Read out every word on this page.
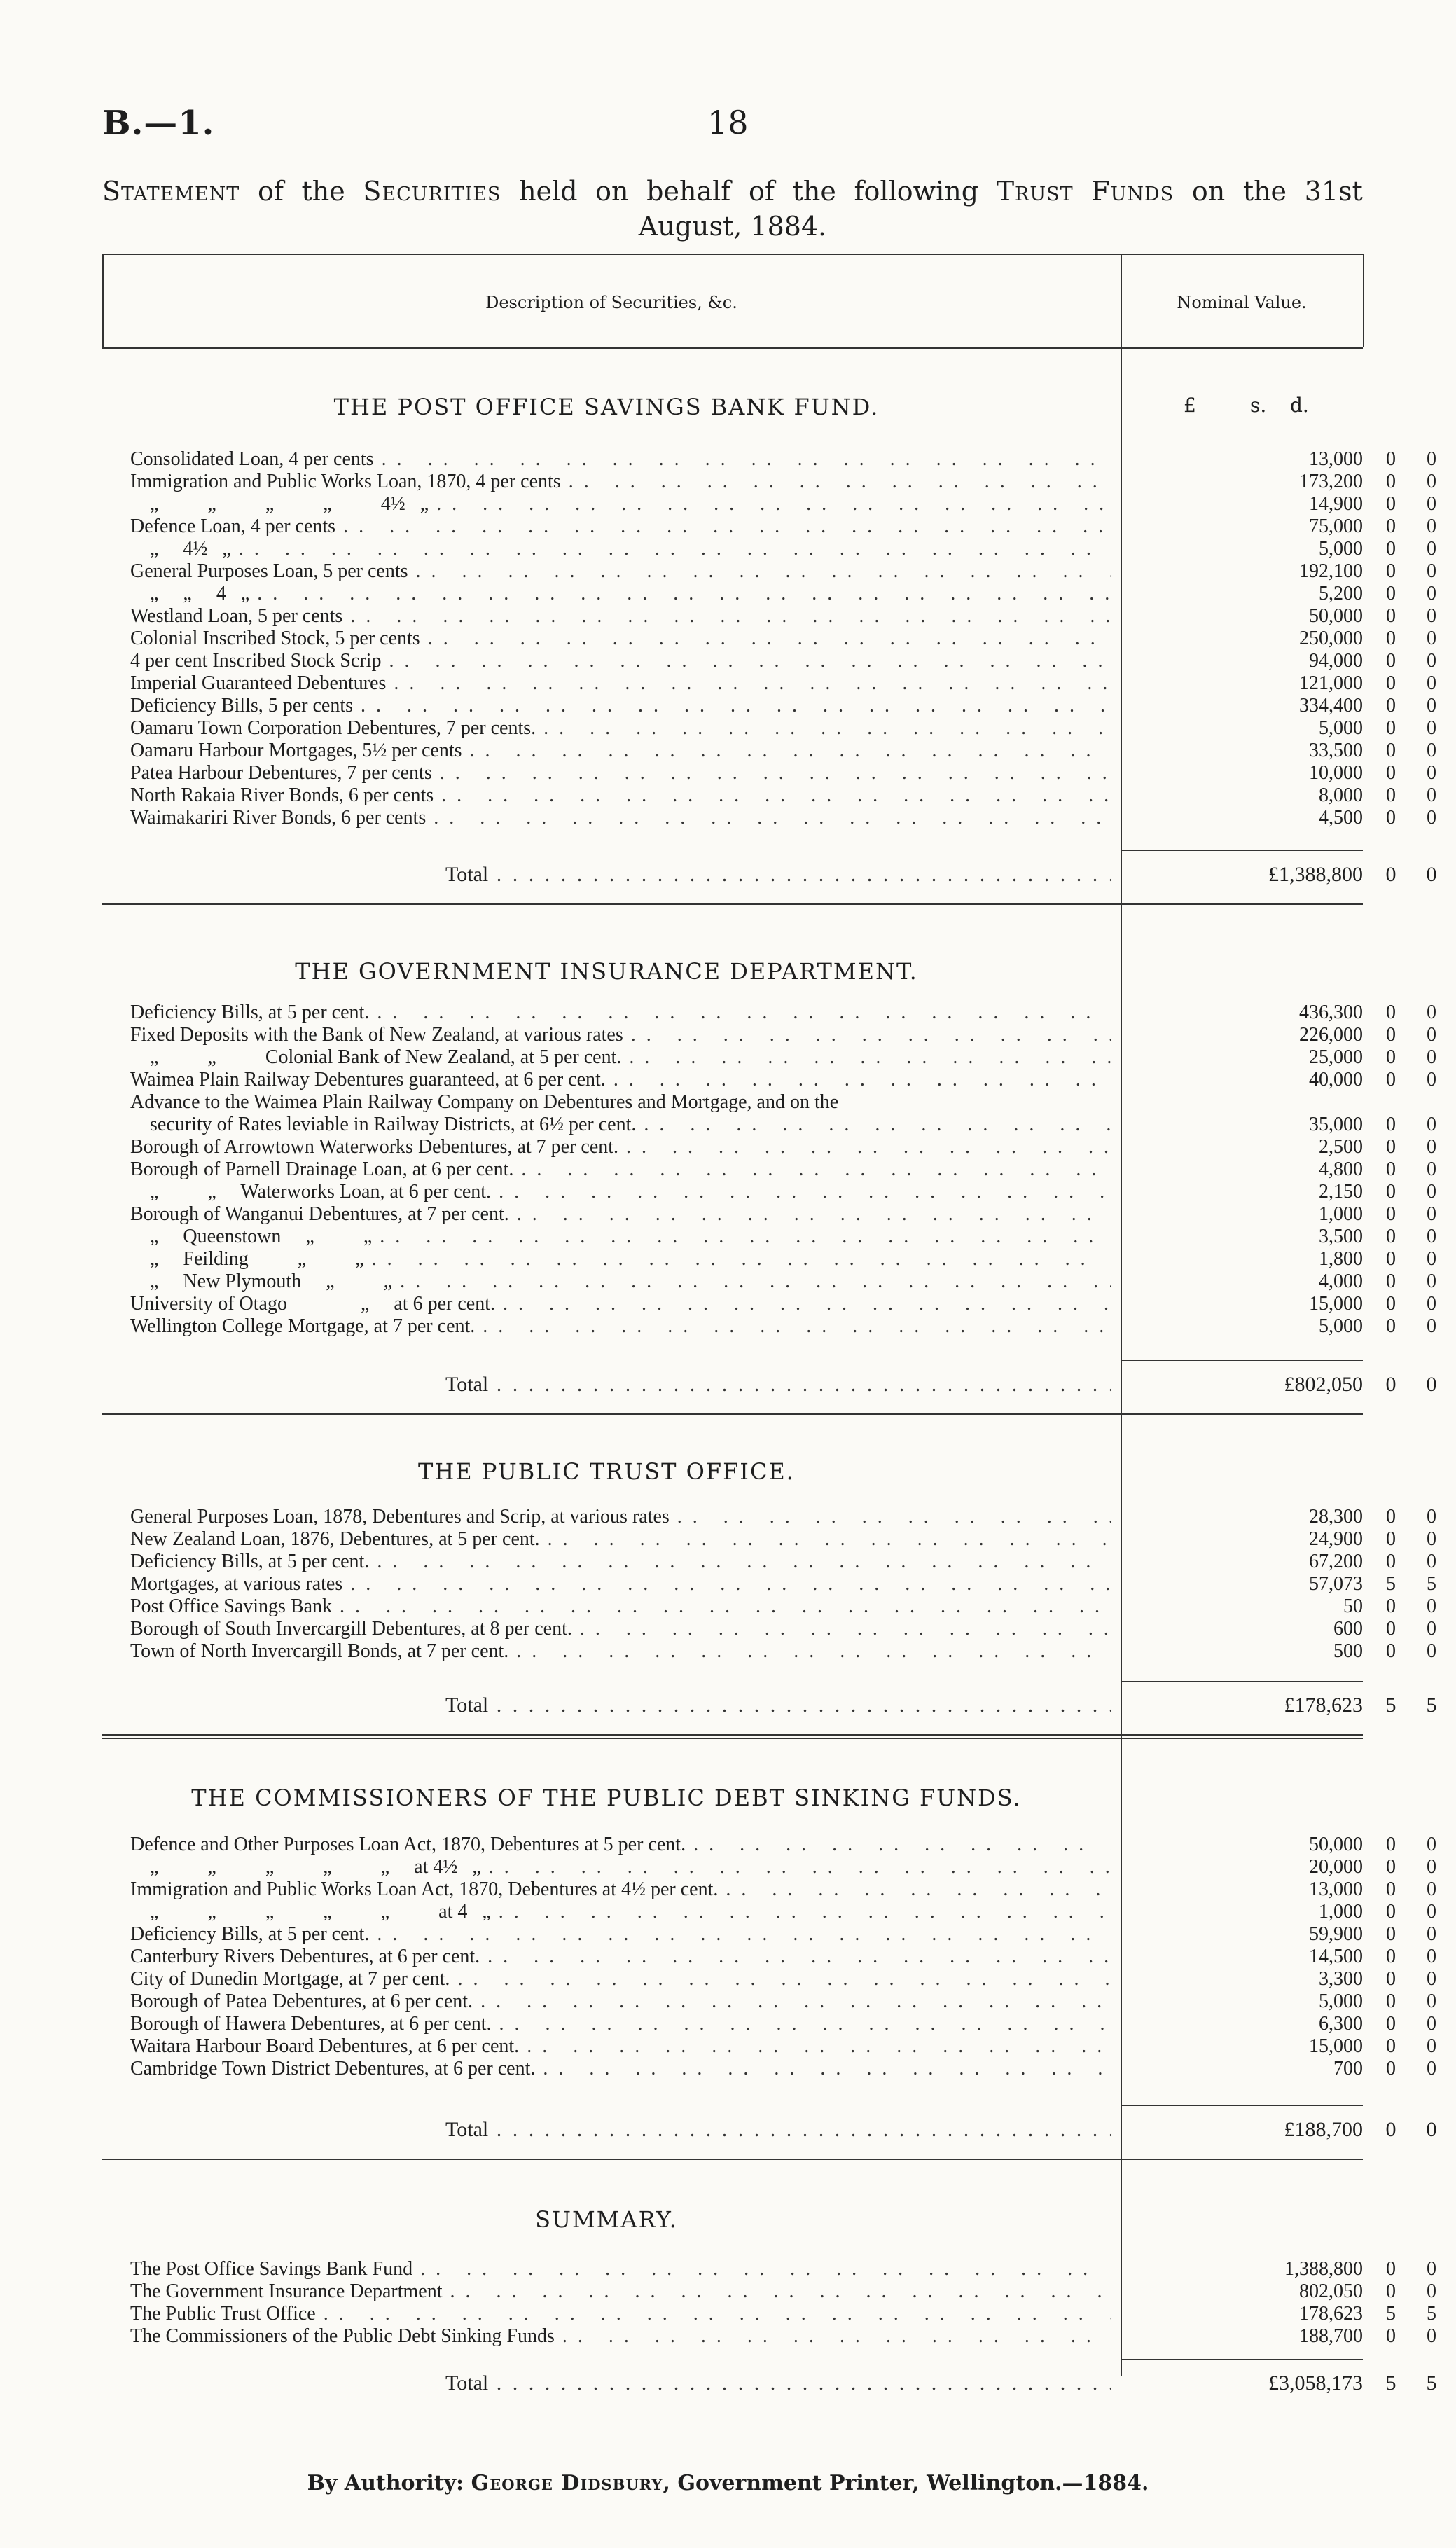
B.—1.	18
Statement of the Securities held on behalf of the following Trust Funds on the 31st
August, 1884.
Description of Securities, &c.	Nominal Value.
THE POST OFFICE SAVINGS BANK FUND.	£	s. d.
Consolidated Loan, 4 per cents . .	13,000	0	0
Immigration and Public Works Loan, 1870, 4 per cents . .	173,200	0	0
„          „          „          „          4½   „ . .	14,900	0	0
Defence Loan, 4 per cents . .	75,000	0	0
„     4½   „ . .	5,000	0	0
General Purposes Loan, 5 per cents . .	192,100	0	0
„     „     4   „ . .	5,200	0	0
Westland Loan, 5 per cents . .	50,000	0	0
Colonial Inscribed Stock, 5 per cents . .	250,000	0	0
4 per cent Inscribed Stock Scrip . .	94,000	0	0
Imperial Guaranteed Debentures . .	121,000	0	0
Deficiency Bills, 5 per cents . .	334,400	0	0
Oamaru Town Corporation Debentures, 7 per cents. . .	5,000	0	0
Oamaru Harbour Mortgages, 5½ per cents . .	33,500	0	0
Patea Harbour Debentures, 7 per cents . .	10,000	0	0
North Rakaia River Bonds, 6 per cents . .	8,000	0	0
Waimakariri River Bonds, 6 per cents . .	4,500	0	0
Total . .	£1,388,800	0	0
THE GOVERNMENT INSURANCE DEPARTMENT.
Deficiency Bills, at 5 per cent. . .	436,300	0	0
Fixed Deposits with the Bank of New Zealand, at various rates . .	226,000	0	0
„          „          Colonial Bank of New Zealand, at 5 per cent. . .	25,000	0	0
Waimea Plain Railway Debentures guaranteed, at 6 per cent. . .	40,000	0	0
Advance to the Waimea Plain Railway Company on Debentures and Mortgage, and on the
security of Rates leviable in Railway Districts, at 6½ per cent. . .	35,000	0	0
Borough of Arrowtown Waterworks Debentures, at 7 per cent. . .	2,500	0	0
Borough of Parnell Drainage Loan, at 6 per cent. . .	4,800	0	0
„          „     Waterworks Loan, at 6 per cent. . .	2,150	0	0
Borough of Wanganui Debentures, at 7 per cent. . .	1,000	0	0
„     Queenstown     „          „ . .	3,500	0	0
„     Feilding          „          „ . .	1,800	0	0
„     New Plymouth     „          „ . .	4,000	0	0
University of Otago               „     at 6 per cent. . .	15,000	0	0
Wellington College Mortgage, at 7 per cent. . .	5,000	0	0
Total . .	£802,050	0	0
THE PUBLIC TRUST OFFICE.
General Purposes Loan, 1878, Debentures and Scrip, at various rates . .	28,300	0	0
New Zealand Loan, 1876, Debentures, at 5 per cent. . .	24,900	0	0
Deficiency Bills, at 5 per cent. . .	67,200	0	0
Mortgages, at various rates . .	57,073	5	5
Post Office Savings Bank . .	50	0	0
Borough of South Invercargill Debentures, at 8 per cent. . .	600	0	0
Town of North Invercargill Bonds, at 7 per cent. . .	500	0	0
Total . .	£178,623	5	5
THE COMMISSIONERS OF THE PUBLIC DEBT SINKING FUNDS.
Defence and Other Purposes Loan Act, 1870, Debentures at 5 per cent. . .	50,000	0	0
„          „          „          „          „     at 4½   „ . .	20,000	0	0
Immigration and Public Works Loan Act, 1870, Debentures at 4½ per cent. . .	13,000	0	0
„          „          „          „          „          at 4   „ . .	1,000	0	0
Deficiency Bills, at 5 per cent. . .	59,900	0	0
Canterbury Rivers Debentures, at 6 per cent. . .	14,500	0	0
City of Dunedin Mortgage, at 7 per cent. . .	3,300	0	0
Borough of Patea Debentures, at 6 per cent. . .	5,000	0	0
Borough of Hawera Debentures, at 6 per cent. . .	6,300	0	0
Waitara Harbour Board Debentures, at 6 per cent. . .	15,000	0	0
Cambridge Town District Debentures, at 6 per cent. . .	700	0	0
Total . .	£188,700	0	0
SUMMARY.
The Post Office Savings Bank Fund . .	1,388,800	0	0
The Government Insurance Department . .	802,050	0	0
The Public Trust Office . .	178,623	5	5
The Commissioners of the Public Debt Sinking Funds . .	188,700	0	0
Total . .	£3,058,173	5	5
By Authority: George Didsbury, Government Printer, Wellington.—1884.
